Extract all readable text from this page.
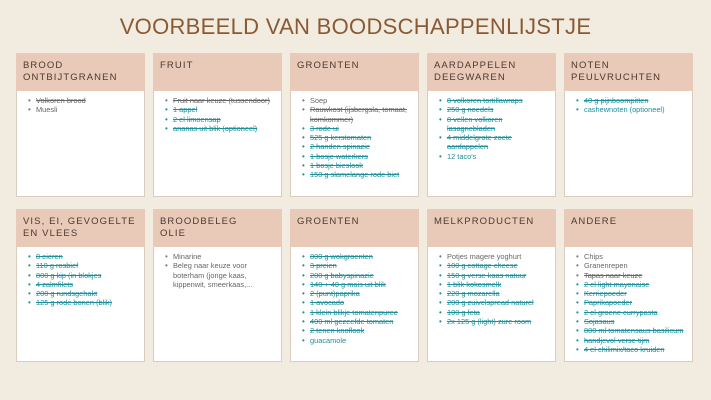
VOORBEELD VAN BOODSCHAPPENLIJSTJE
BROOD
ONTBIJTGRANEN
• Volkoren brood
• Muesli
FRUIT
• Fruit naar keuze (tussendoor)
• 1 appel
• 2 el limoensap
• ananas uit blik (optioneel)
GROENTEN
• Soep
• Rauwkost (ijsbergsla, tomaat, komkommer)
• 3 rode ui
• 525 g kerstomaten
• 2 handen spinazie
• 1 bosje waterkers
• 1 bosje bieslook
• 150 g slamelange rode biet
AARDAPPELEN
DEEGWAREN
• 8 volkoren tortillawraps
• 250 g noedels
• 8 vellen volkoren lasagnebladen
• 4 middelgrote zoete aardappelen
• 12 taco's
NOTEN
PEULVRUCHTEN
• 40 g pijnboompitten
• cashewnoten (optioneel)
VIS, EI, GEVOGELTE
EN VLEES
• 8 eieren
• 110 g rosbief
• 800 g kip (in blokjes
• 4 zalmfilets
• 200 g rundsgehakt
• 125 g rode bonen (blik)
BROODBELEG
OLIE
• Minarine
• Beleg naar keuze voor boterham (jonge kaas, kippenwit, smeerkaas,...
GROENTEN
• 800 g wokgroenten
• 3 preien
• 200 g babyspinazie
• 140 + 40 g mais uit blik
• 2 (punt)paprika
• 1 avocado
• 1 klein blikje tomatenpuree
• 400 ml gezeefde tomaten
• 2 tenen knoflook
• guacamole
MELKPRODUCTEN
• Potjes magere yoghurt
• 100 g cottage cheese
• 150 g verse kaas natuur
• 1 blik kokosmelk
• 220 g mozarella
• 200 g zuivelspread naturel
• 100 g feta
• 2x 125 g (light) zure room
ANDERE
• Chips
• Granenrepen
• Tapas naar keuze
• 2 el light mayonaise
• Kerriepoeder
• Paprikapoeder
• 2 el groene currypasta
• Sojasaus
• 800 ml tomatensaus basilicum
• handjevol verse tijm
• 4 el chilimix/taco kruiden
